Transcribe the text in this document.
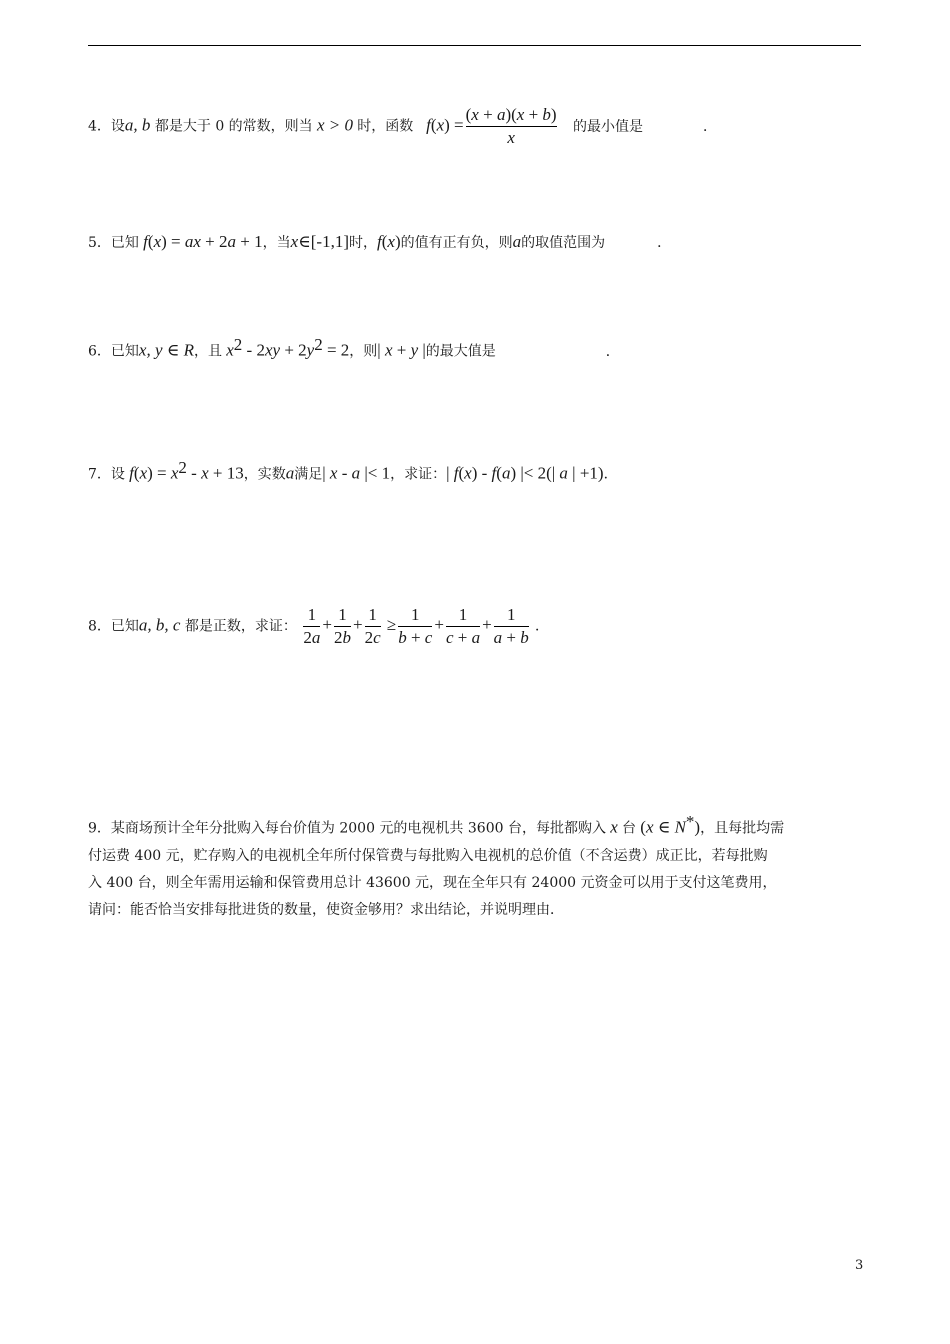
4．设a, b 都是大于 0 的常数，则当 x > 0 时，函数   $f(x) = \frac{(x + a)(x + b)}{x}$ 的最小值是	．
5．已知 f(x) = ax + 2a + 1，当x∈[-1,1]时，f(x)的值有正有负，则a的取值范围为	．
6．已知x, y ∈ R，且 $x^2 - 2xy + 2y^2 = 2$，则| x + y |的最大值是	．
7．设 $f(x) = x^2 - x + 13$，实数a满足| x - a |< 1，求证：| f(x) - f(a) |< 2(| a | +1)．
8．已知a, b, c 都是正数，求证： $\frac{1}{2a} + \frac{1}{2b} + \frac{1}{2c} \ge \frac{1}{b + c} + \frac{1}{c + a} + \frac{1}{a + b}$ ．
9．某商场预计全年分批购入每台价值为 2000 元的电视机共 3600 台，每批都购入 x 台 (x ∈ N*)，且每批均需
付运费 400 元，贮存购入的电视机全年所付保管费与每批购入电视机的总价值（不含运费）成正比，若每批购
入 400 台，则全年需用运输和保管费用总计 43600 元，现在全年只有 24000 元资金可以用于支付这笔费用，
请问：能否恰当安排每批进货的数量，使资金够用？求出结论，并说明理由．
3
